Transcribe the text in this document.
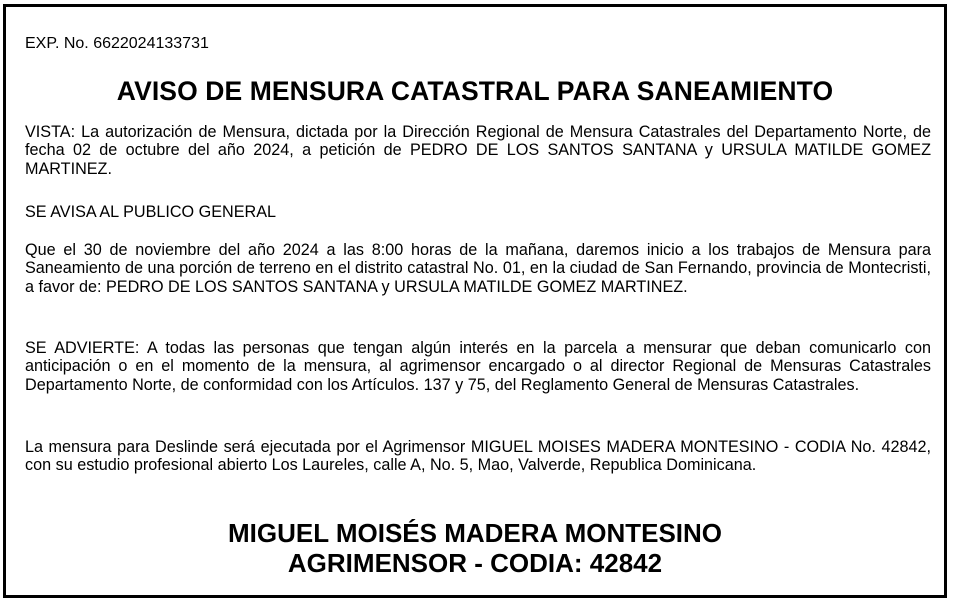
EXP. No. 6622024133731
AVISO DE MENSURA CATASTRAL PARA SANEAMIENTO

VISTA: La autorización de Mensura, dictada por la Dirección Regional de Mensura Catastrales del Departamento Norte, de fecha 02 de octubre del año 2024, a petición de PEDRO DE LOS SANTOS SANTANA y URSULA MATILDE GOMEZ MARTINEZ.

SE AVISA AL PUBLICO GENERAL

Que el 30 de noviembre del año 2024 a las 8:00 horas de la mañana, daremos inicio a los trabajos de Mensura para Saneamiento de una porción de terreno en el distrito catastral No. 01, en la ciudad de San Fernando, provincia de Montecristi, a favor de: PEDRO DE LOS SANTOS SANTANA y URSULA MATILDE GOMEZ MARTINEZ.

SE ADVIERTE: A todas las personas que tengan algún interés en la parcela a mensurar que deban comunicarlo con anticipación o en el momento de la mensura, al agrimensor encargado o al director Regional de Mensuras Catastrales Departamento Norte, de conformidad con los Artículos. 137 y 75, del Reglamento General de Mensuras Catastrales.

La mensura para Deslinde será ejecutada por el Agrimensor MIGUEL MOISES MADERA MONTESINO - CODIA No. 42842, con su estudio profesional abierto Los Laureles, calle A, No. 5, Mao, Valverde, Republica Dominicana.

MIGUEL MOISÉS MADERA MONTESINO
AGRIMENSOR - CODIA: 42842
